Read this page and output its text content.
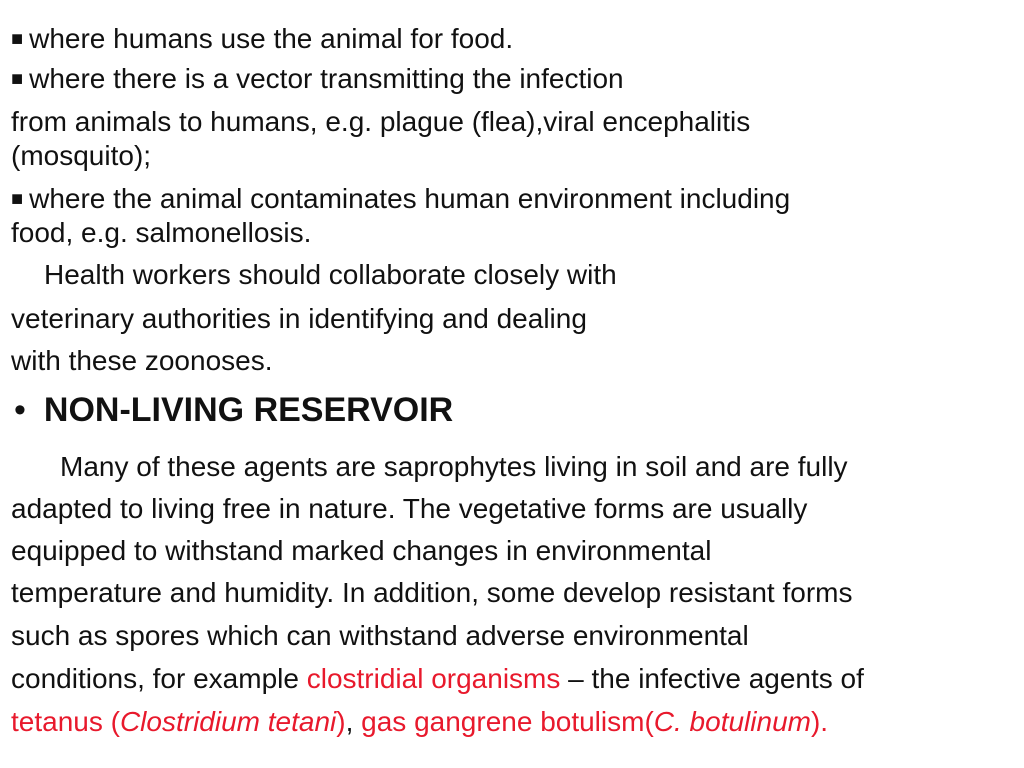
■ where humans use the animal for food.
■ where there is a vector transmitting the infection
from animals to humans, e.g. plague (flea),viral encephalitis
(mosquito);
■ where the animal contaminates human environment including
food, e.g. salmonellosis.
Health workers should collaborate closely with
veterinary authorities in identifying and dealing
with these zoonoses.
• NON-LIVING RESERVOIR
Many of these agents are saprophytes living in soil and are fully
adapted to living free in nature. The vegetative forms are usually
equipped to withstand marked changes in environmental
temperature and humidity. In addition, some develop resistant forms
such as spores which can withstand adverse environmental
conditions, for example clostridial organisms – the infective agents of
tetanus (Clostridium tetani), gas gangrene botulism(C. botulinum).
